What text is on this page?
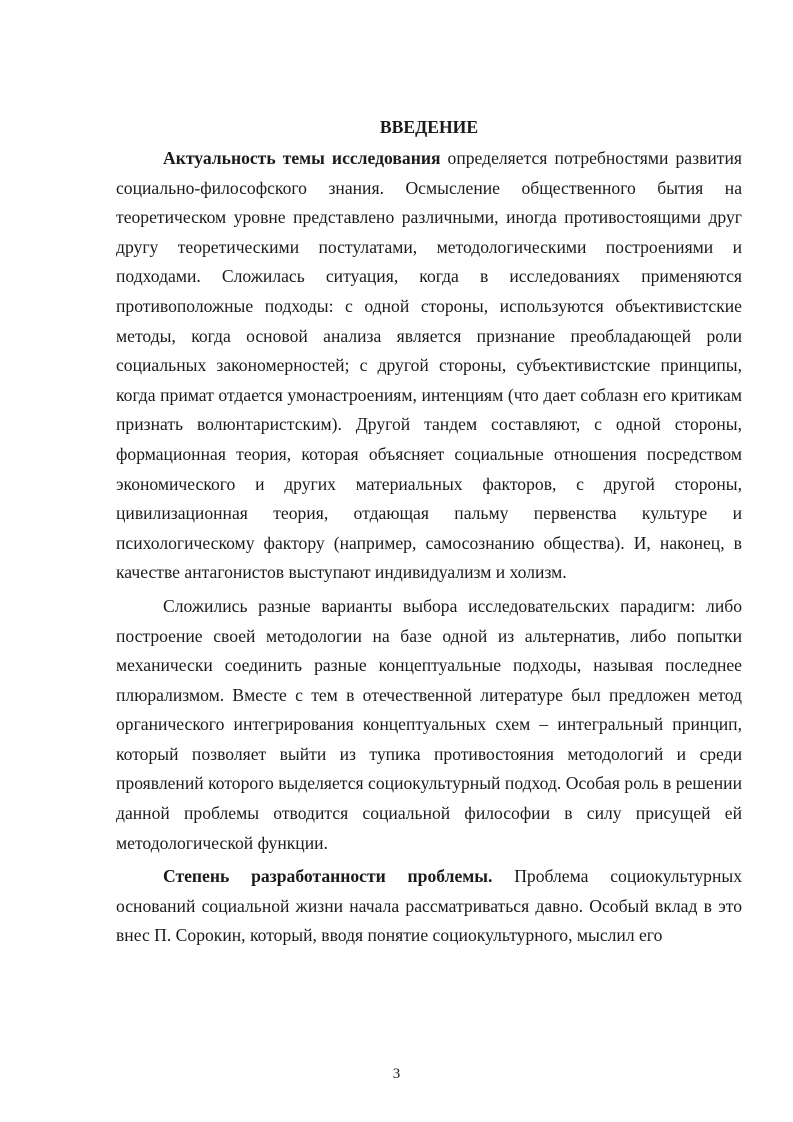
ВВЕДЕНИЕ

Актуальность темы исследования определяется потребностями развития социально-философского знания. Осмысление общественного бытия на теоретическом уровне представлено различными, иногда противостоящими друг другу теоретическими постулатами, методологическими построениями и подходами. Сложилась ситуация, когда в исследованиях применяются противоположные подходы: с одной стороны, используются объективистские методы, когда основой анализа является признание преобладающей роли социальных закономерностей; с другой стороны, субъективистские принципы, когда примат отдается умонастроениям, интенциям (что дает соблазн его критикам признать волюнтаристским). Другой тандем составляют, с одной стороны, формационная теория, которая объясняет социальные отношения посредством экономического и других материальных факторов, с другой стороны, цивилизационная теория, отдающая пальму первенства культуре и психологическому фактору (например, самосознанию общества). И, наконец, в качестве антагонистов выступают индивидуализм и холизм.

Сложились разные варианты выбора исследовательских парадигм: либо построение своей методологии на базе одной из альтернатив, либо попытки механически соединить разные концептуальные подходы, называя последнее плюрализмом. Вместе с тем в отечественной литературе был предложен метод органического интегрирования концептуальных схем – интегральный принцип, который позволяет выйти из тупика противостояния методологий и среди проявлений которого выделяется социокультурный подход. Особая роль в решении данной проблемы отводится социальной философии в силу присущей ей методологической функции.

Степень разработанности проблемы. Проблема социокультурных оснований социальной жизни начала рассматриваться давно. Особый вклад в это внес П. Сорокин, который, вводя понятие социокультурного, мыслил его

3
